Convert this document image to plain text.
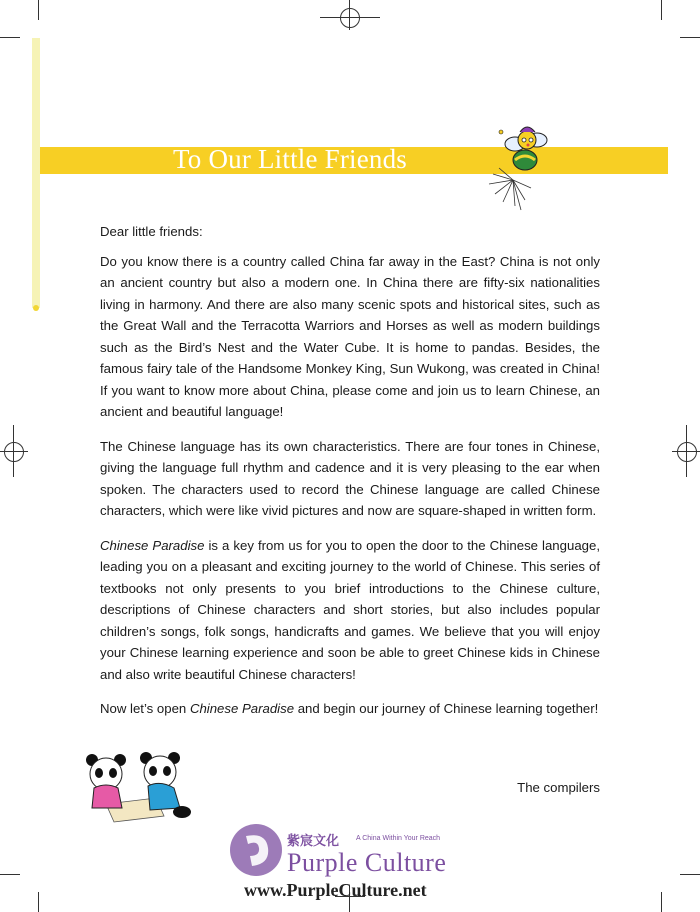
To Our Little Friends

Dear little friends:

Do you know there is a country called China far away in the East? China is not only an ancient country but also a modern one. In China there are fifty-six nationalities living in harmony. And there are also many scenic spots and historical sites, such as the Great Wall and the Terracotta Warriors and Horses as well as modern buildings such as the Bird’s Nest and the Water Cube. It is home to pandas. Besides, the famous fairy tale of the Handsome Monkey King, Sun Wukong, was created in China! If you want to know more about China, please come and join us to learn Chinese, an ancient and beautiful language!

The Chinese language has its own characteristics. There are four tones in Chinese, giving the language full rhythm and cadence and it is very pleasing to the ear when spoken. The characters used to record the Chinese language are called Chinese characters, which were like vivid pictures and now are square-shaped in written form.

Chinese Paradise is a key from us for you to open the door to the Chinese language, leading you on a pleasant and exciting journey to the world of Chinese. This series of textbooks not only presents to you brief introductions to the Chinese culture, descriptions of Chinese characters and short stories, but also includes popular children’s songs, folk songs, handicrafts and games. We believe that you will enjoy your Chinese learning experience and soon be able to greet Chinese kids in Chinese and also write beautiful Chinese characters!

Now let’s open Chinese Paradise and begin our journey of Chinese learning together!

The compilers
紫宸文化 A China Within Your Reach
Purple Culture
www.PurpleCulture.net
